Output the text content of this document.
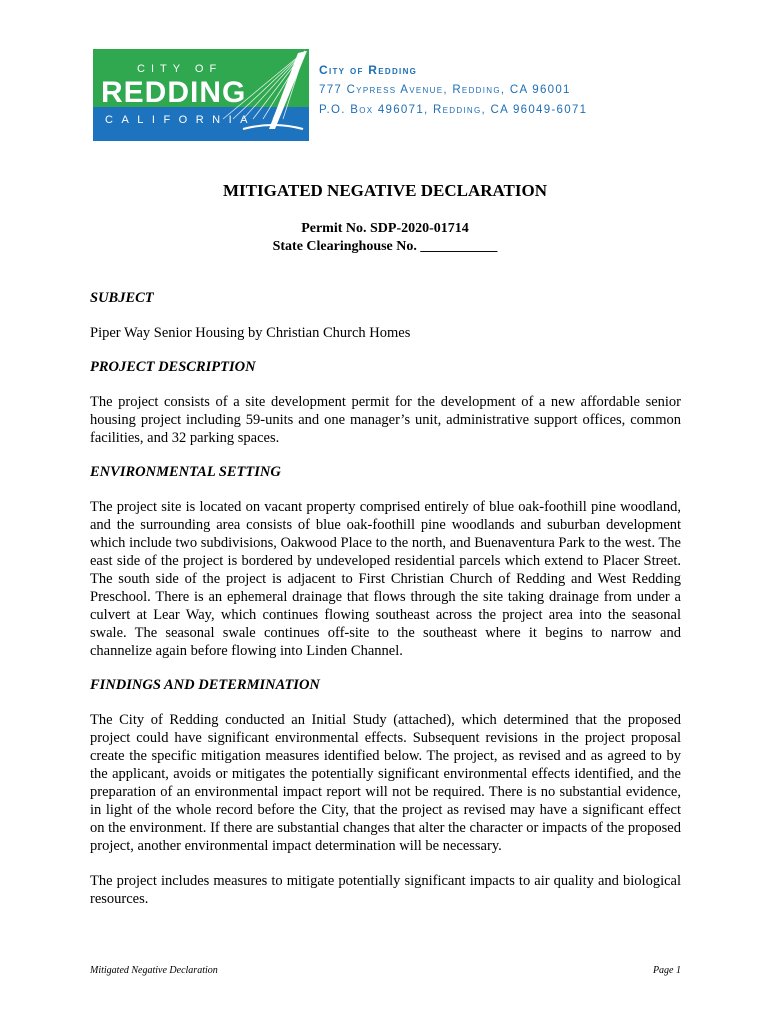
CITY OF
REDDING
CALIFORNIA
City of Redding
777 Cypress Avenue, Redding, CA 96001
P.O. Box 496071, Redding, CA 96049-6071
MITIGATED NEGATIVE DECLARATION
Permit No. SDP-2020-01714
State Clearinghouse No. ___________

SUBJECT

Piper Way Senior Housing by Christian Church Homes

PROJECT DESCRIPTION

The project consists of a site development permit for the development of a new affordable senior housing project including 59-units and one manager’s unit, administrative support offices, common facilities, and 32 parking spaces.

ENVIRONMENTAL SETTING

The project site is located on vacant property comprised entirely of blue oak-foothill pine woodland, and the surrounding area consists of blue oak-foothill pine woodlands and suburban development which include two subdivisions, Oakwood Place to the north, and Buenaventura Park to the west. The east side of the project is bordered by undeveloped residential parcels which extend to Placer Street. The south side of the project is adjacent to First Christian Church of Redding and West Redding Preschool. There is an ephemeral drainage that flows through the site taking drainage from under a culvert at Lear Way, which continues flowing southeast across the project area into the seasonal swale. The seasonal swale continues off-site to the southeast where it begins to narrow and channelize again before flowing into Linden Channel.

FINDINGS AND DETERMINATION

The City of Redding conducted an Initial Study (attached), which determined that the proposed project could have significant environmental effects. Subsequent revisions in the project proposal create the specific mitigation measures identified below. The project, as revised and as agreed to by the applicant, avoids or mitigates the potentially significant environmental effects identified, and the preparation of an environmental impact report will not be required. There is no substantial evidence, in light of the whole record before the City, that the project as revised may have a significant effect on the environment. If there are substantial changes that alter the character or impacts of the proposed project, another environmental impact determination will be necessary.

The project includes measures to mitigate potentially significant impacts to air quality and biological resources.

Mitigated Negative Declaration	Page 1
